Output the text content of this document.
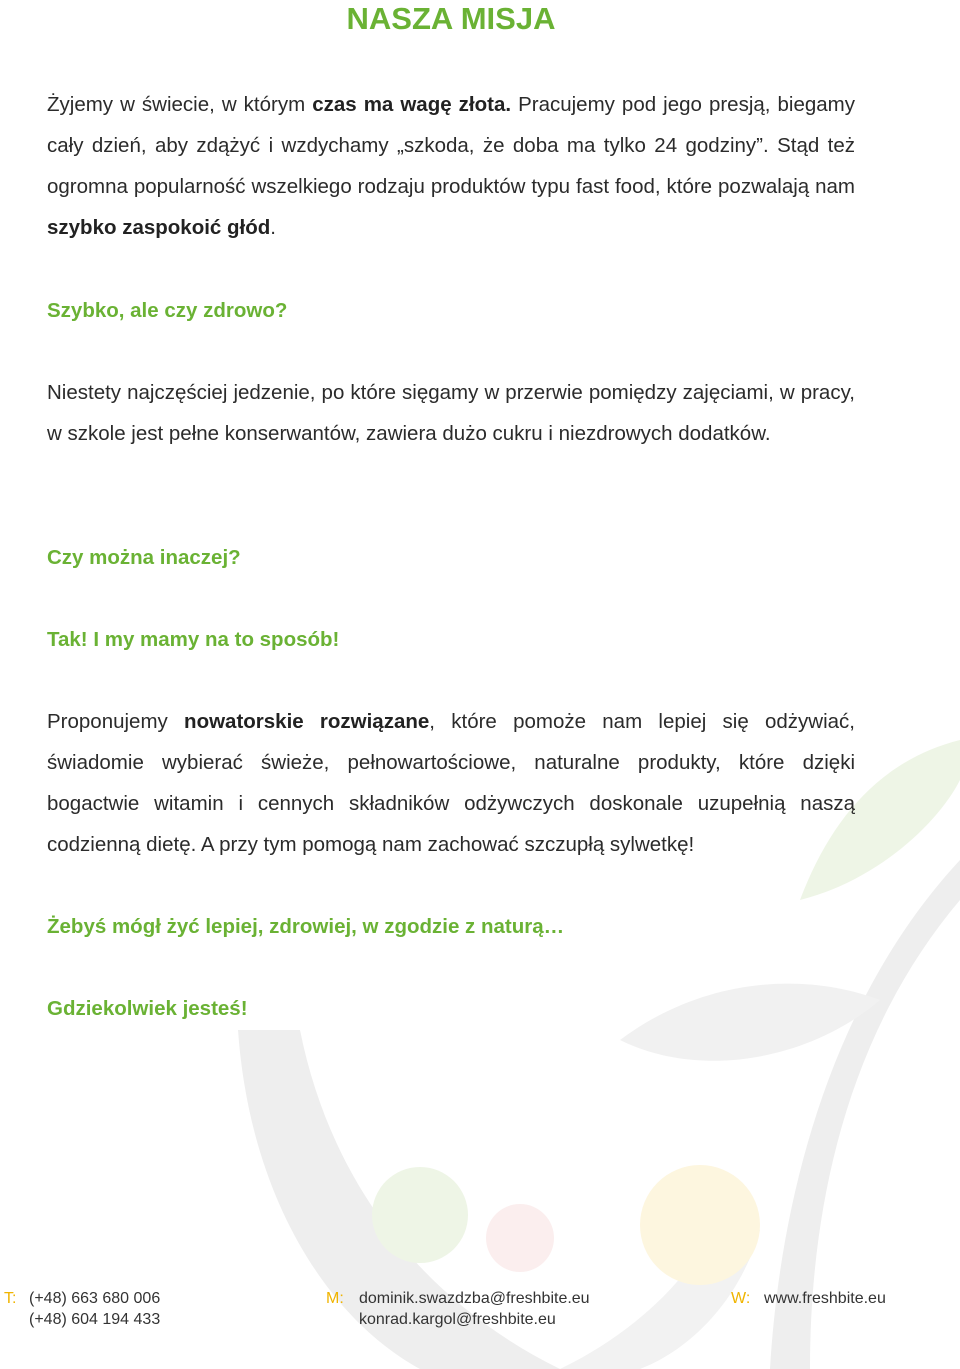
NASZA MISJA

Żyjemy w świecie, w którym czas ma wagę złota. Pracujemy pod jego presją, biegamy cały dzień, aby zdążyć i wzdychamy „szkoda, że doba ma tylko 24 godziny”. Stąd też ogromna popularność wszelkiego rodzaju produktów typu fast food, które pozwalają nam szybko zaspokoić głód.

Szybko, ale czy zdrowo?

Niestety najczęściej jedzenie, po które sięgamy w przerwie pomiędzy zajęciami, w pracy, w szkole jest pełne konserwantów, zawiera dużo cukru i niezdrowych dodatków.

Czy można inaczej?

Tak! I my mamy na to sposób!

Proponujemy nowatorskie rozwiązane, które pomoże nam lepiej się odżywiać, świadomie wybierać świeże, pełnowartościowe, naturalne produkty, które dzięki bogactwie witamin i cennych składników odżywczych doskonale uzupełnią naszą codzienną dietę. A przy tym pomogą nam zachować szczupłą sylwetkę!

Żebyś mógł żyć lepiej, zdrowiej, w zgodzie z naturą…

Gdziekolwiek jesteś!

T: (+48) 663 680 006
(+48) 604 194 433
M: dominik.swazdzba@freshbite.eu
konrad.kargol@freshbite.eu
W: www.freshbite.eu
